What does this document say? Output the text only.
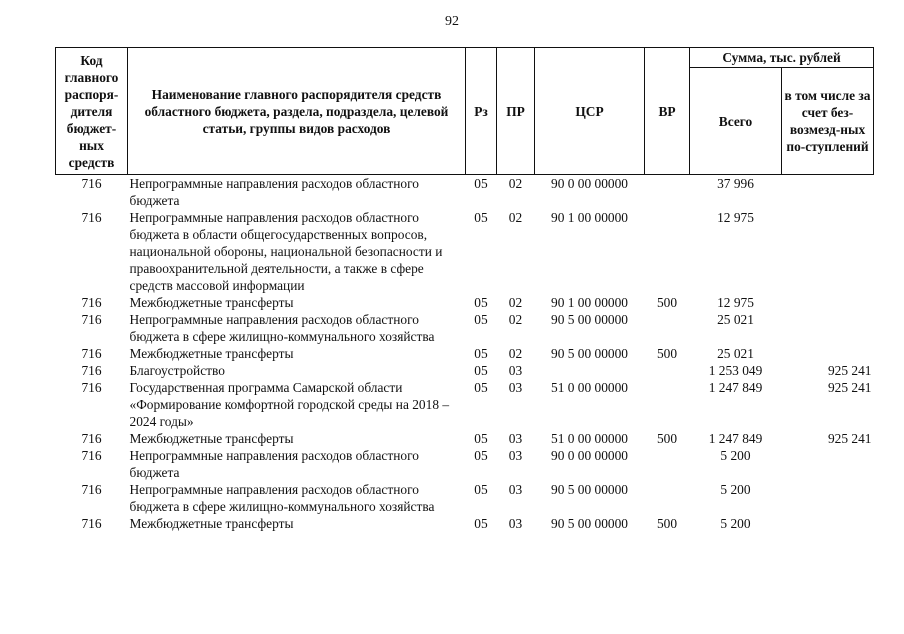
92
Код главного распоря-дителя бюджет-ных средств	Наименование главного распорядителя средств областного бюджета, раздела, подраздела, целевой статьи, группы видов расходов	Рз	ПР	ЦСР	ВР	Сумма, тыс. рублей	
						Всего	в том числе за счет без-возмезд-ных по-ступлений
716	Непрограммные направления расходов областного бюджета	05	02	90 0 00 00000		37 996	
716	Непрограммные направления расходов областного бюджета в области общегосударственных вопросов, национальной обороны, национальной безопасности и правоохранительной деятельности, а также в сфере средств массовой информации	05	02	90 1 00 00000		12 975	
716	Межбюджетные трансферты	05	02	90 1 00 00000	500	12 975	
716	Непрограммные направления расходов областного бюджета в сфере жилищно-коммунального хозяйства	05	02	90 5 00 00000		25 021	
716	Межбюджетные трансферты	05	02	90 5 00 00000	500	25 021	
716	Благоустройство	05	03			1 253 049	925 241
716	Государственная программа Самарской области «Формирование комфортной городской среды на 2018 – 2024 годы»	05	03	51 0 00 00000		1 247 849	925 241
716	Межбюджетные трансферты	05	03	51 0 00 00000	500	1 247 849	925 241
716	Непрограммные направления расходов областного бюджета	05	03	90 0 00 00000		5 200	
716	Непрограммные направления расходов областного бюджета в сфере жилищно-коммунального хозяйства	05	03	90 5 00 00000		5 200	
716	Межбюджетные трансферты	05	03	90 5 00 00000	500	5 200	
